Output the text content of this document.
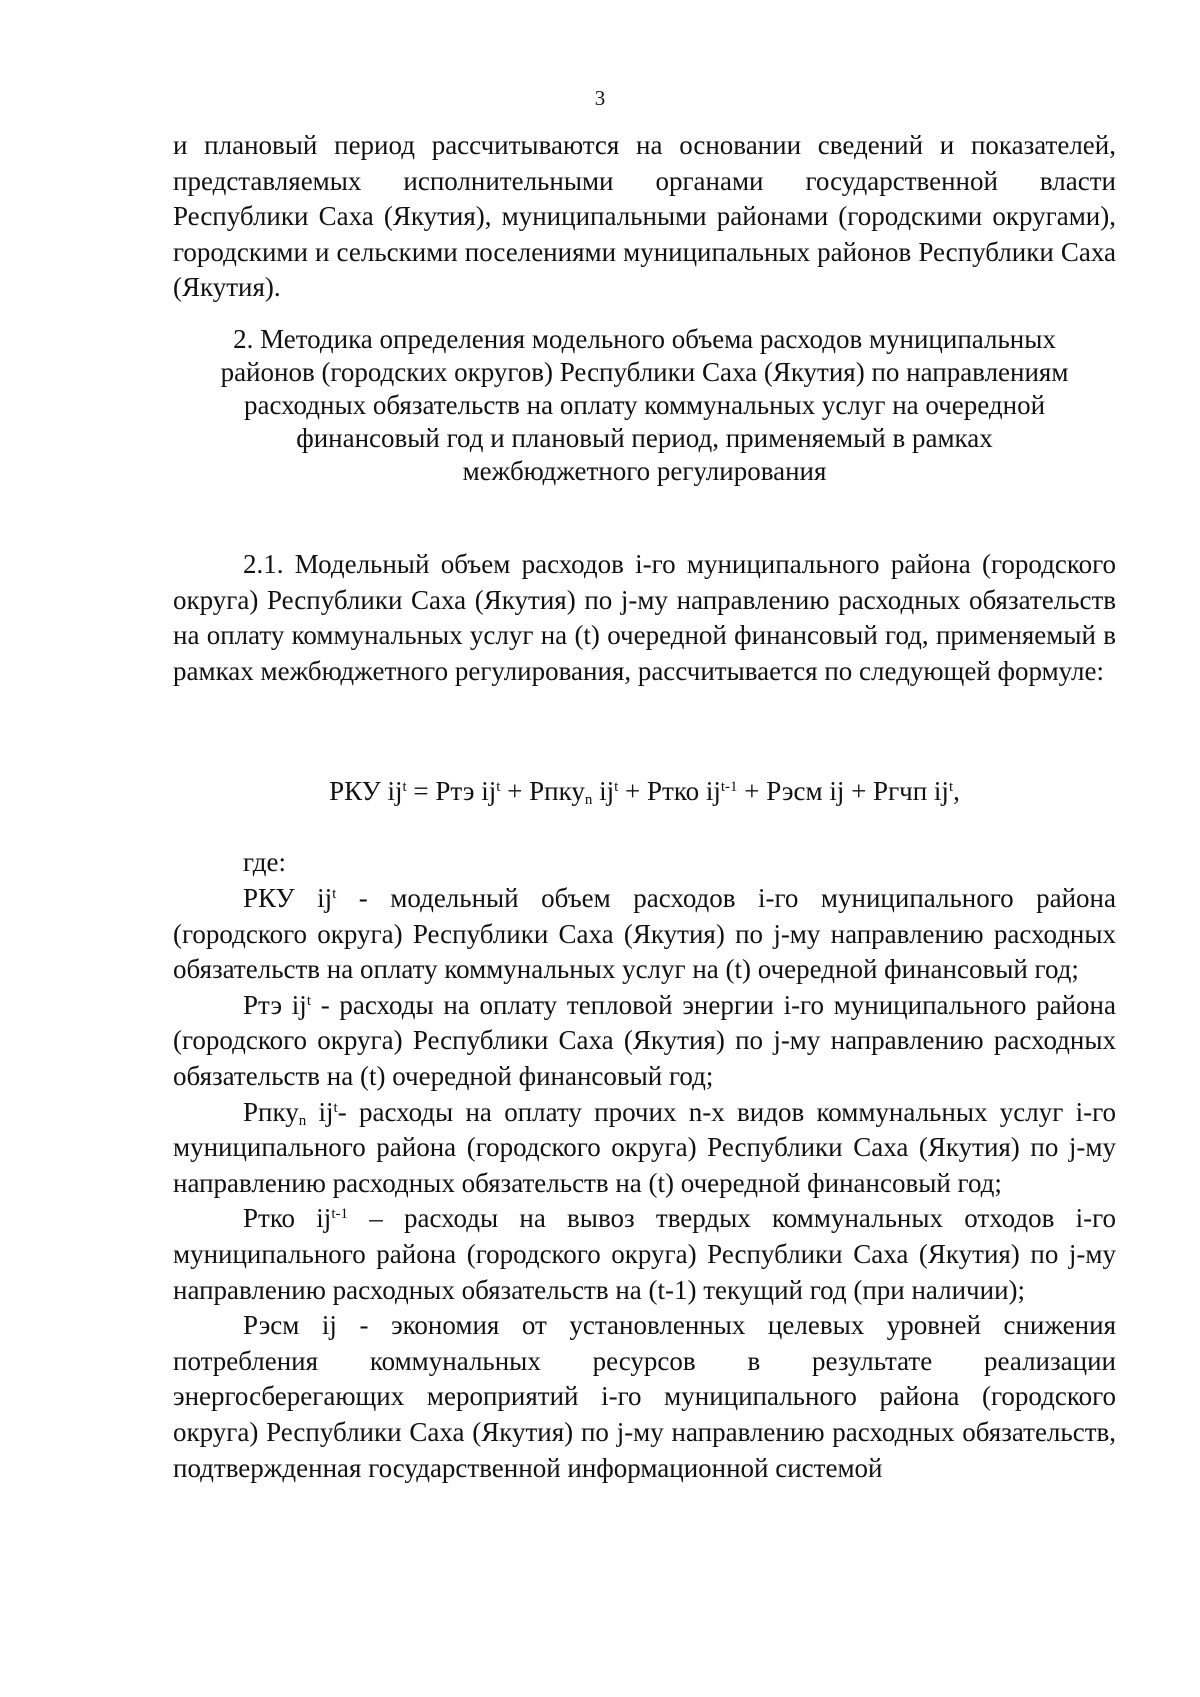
3

и плановый период рассчитываются на основании сведений и показателей, представляемых исполнительными органами государственной власти Республики Саха (Якутия), муниципальными районами (городскими округами), городскими и сельскими поселениями муниципальных районов Республики Саха (Якутия).

2. Методика определения модельного объема расходов муниципальных
районов (городских округов) Республики Саха (Якутия) по направлениям
расходных обязательств на оплату коммунальных услуг на очередной
финансовый год и плановый период, применяемый в рамках
межбюджетного регулирования

2.1. Модельный объем расходов i-го муниципального района (городского округа) Республики Саха (Якутия) по j-му направлению расходных обязательств на оплату коммунальных услуг на (t) очередной финансовый год, применяемый в рамках межбюджетного регулирования, рассчитывается по следующей формуле:

РКУ $ij^t$ = Ртэ $ij^t$ + Рпку$_n$ $ij^t$ + Ртко $ij^{t-1}$ + Рэсм ij + Ргчп $ij^t$,

где:

РКУ $ij^t$ - модельный объем расходов i-го муниципального района (городского округа) Республики Саха (Якутия) по j-му направлению расходных обязательств на оплату коммунальных услуг на (t) очередной финансовый год;

Ртэ $ij^t$ - расходы на оплату тепловой энергии i-го муниципального района (городского округа) Республики Саха (Якутия) по j-му направлению расходных обязательств на (t) очередной финансовый год;

Рпку$_n$ $ij^t-$ расходы на оплату прочих n-х видов коммунальных услуг i-го муниципального района (городского округа) Республики Саха (Якутия) по j-му направлению расходных обязательств на (t) очередной финансовый год;

Ртко $ij^{t-1}$ – расходы на вывоз твердых коммунальных отходов i-го муниципального района (городского округа) Республики Саха (Якутия) по j-му направлению расходных обязательств на (t-1) текущий год (при наличии);

Рэсм ij - экономия от установленных целевых уровней снижения потребления коммунальных ресурсов в результате реализации энергосберегающих мероприятий i-го муниципального района (городского округа) Республики Саха (Якутия) по j-му направлению расходных обязательств, подтвержденная государственной информационной системой
